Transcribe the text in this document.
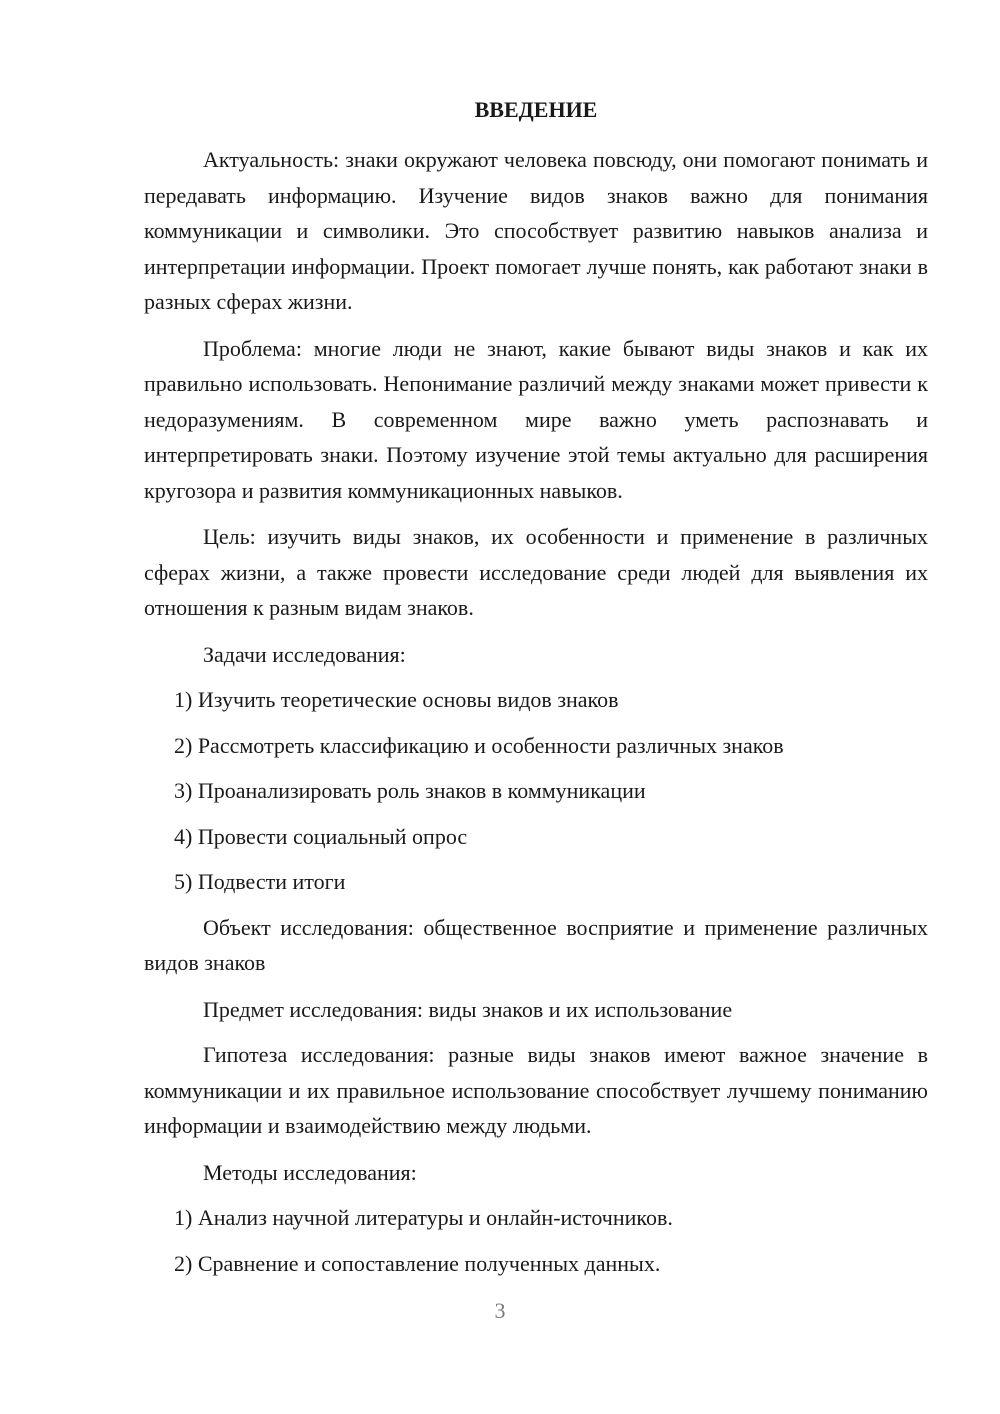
ВВЕДЕНИЕ

Актуальность: знаки окружают человека повсюду, они помогают понимать и передавать информацию. Изучение видов знаков важно для понимания коммуникации и символики. Это способствует развитию навыков анализа и интерпретации информации. Проект помогает лучше понять, как работают знаки в разных сферах жизни.

Проблема: многие люди не знают, какие бывают виды знаков и как их правильно использовать. Непонимание различий между знаками может привести к недоразумениям. В современном мире важно уметь распознавать и интерпретировать знаки. Поэтому изучение этой темы актуально для расширения кругозора и развития коммуникационных навыков.

Цель: изучить виды знаков, их особенности и применение в различных сферах жизни, а также провести исследование среди людей для выявления их отношения к разным видам знаков.

Задачи исследования:

1) Изучить теоретические основы видов знаков
2) Рассмотреть классификацию и особенности различных знаков
3) Проанализировать роль знаков в коммуникации
4) Провести социальный опрос
5) Подвести итоги

Объект исследования: общественное восприятие и применение различных видов знаков

Предмет исследования: виды знаков и их использование

Гипотеза исследования: разные виды знаков имеют важное значение в коммуникации и их правильное использование способствует лучшему пониманию информации и взаимодействию между людьми.

Методы исследования:

1) Анализ научной литературы и онлайн-источников.
2) Сравнение и сопоставление полученных данных.
3
